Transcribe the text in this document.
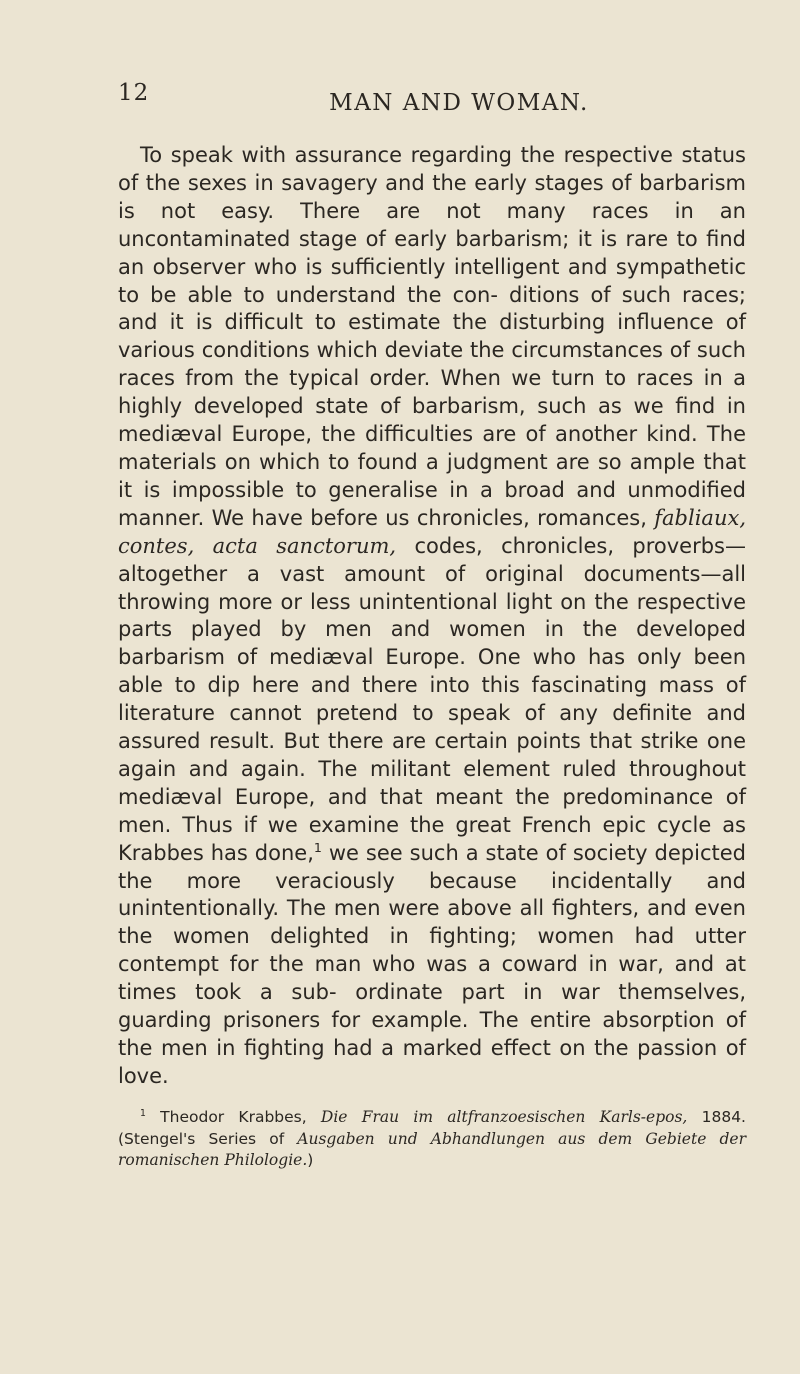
12	MAN AND WOMAN.

To speak with assurance regarding the respective status of the sexes in savagery and the early stages of barbarism is not easy. There are not many races in an uncontaminated stage of early barbarism; it is rare to find an observer who is sufficiently intelligent and sympathetic to be able to understand the con- ditions of such races; and it is difficult to estimate the disturbing influence of various conditions which deviate the circumstances of such races from the typical order. When we turn to races in a highly developed state of barbarism, such as we find in mediæval Europe, the difficulties are of another kind. The materials on which to found a judgment are so ample that it is impossible to generalise in a broad and unmodified manner. We have before us chronicles, romances, fabliaux, contes, acta sanctorum, codes, chronicles, proverbs—altogether a vast amount of original documents—all throwing more or less unintentional light on the respective parts played by men and women in the developed barbarism of mediæval Europe. One who has only been able to dip here and there into this fascinating mass of literature cannot pretend to speak of any definite and assured result. But there are certain points that strike one again and again. The militant element ruled throughout mediæval Europe, and that meant the predominance of men. Thus if we examine the great French epic cycle as Krabbes has done,$^1$ we see such a state of society depicted the more veraciously because incidentally and unintentionally. The men were above all fighters, and even the women delighted in fighting; women had utter contempt for the man who was a coward in war, and at times took a sub- ordinate part in war themselves, guarding prisoners for example. The entire absorption of the men in fighting had a marked effect on the passion of love.

$^1$ Theodor Krabbes, Die Frau im altfranzoesischen Karls-epos, 1884. (Stengel's Series of Ausgaben und Abhandlungen aus dem Gebiete der romanischen Philologie.)
